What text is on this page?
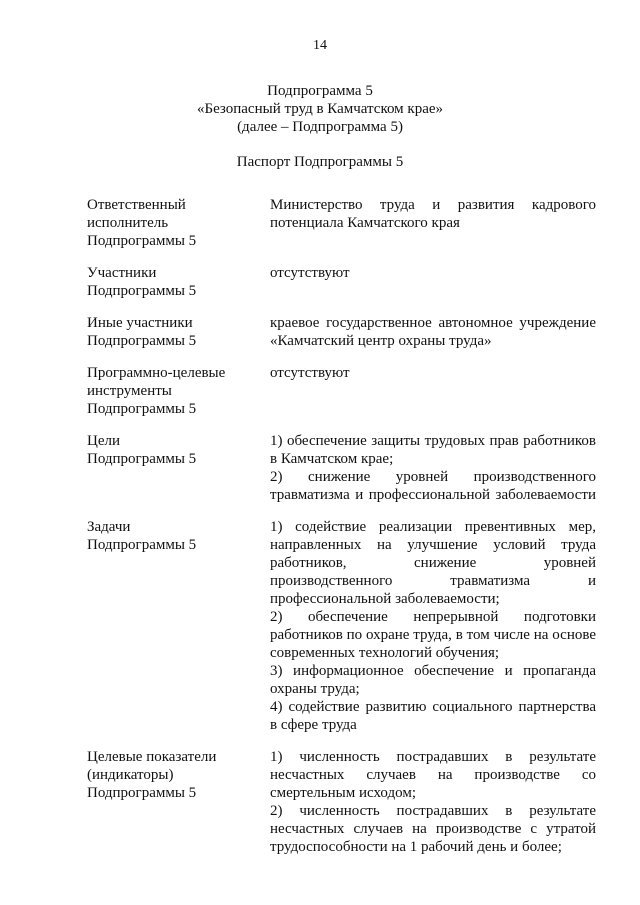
14
Подпрограмма 5
«Безопасный труд в Камчатском крае»
(далее – Подпрограмма 5)
Паспорт Подпрограммы 5
Ответственный
исполнитель
Подпрограммы 5
Министерство труда и развития кадрового
потенциала Камчатского края
Участники
Подпрограммы 5
отсутствуют
Иные участники
Подпрограммы 5
краевое государственное автономное учреждение
«Камчатский центр охраны труда»
Программно-целевые
инструменты
Подпрограммы 5
отсутствуют
Цели
Подпрограммы 5
1) обеспечение защиты трудовых прав работников
в Камчатском крае;
2) снижение уровней производственного
травматизма и профессиональной заболеваемости
Задачи
Подпрограммы 5
1) содействие реализации превентивных мер,
направленных на улучшение условий труда
работников, снижение уровней
производственного травматизма и
профессиональной заболеваемости;
2) обеспечение непрерывной подготовки
работников по охране труда, в том числе на основе
современных технологий обучения;
3) информационное обеспечение и пропаганда
охраны труда;
4) содействие развитию социального партнерства
в сфере труда
Целевые показатели
(индикаторы)
Подпрограммы 5
1) численность пострадавших в результате
несчастных случаев на производстве со
смертельным исходом;
2) численность пострадавших в результате
несчастных случаев на производстве с утратой
трудоспособности на 1 рабочий день и более;
